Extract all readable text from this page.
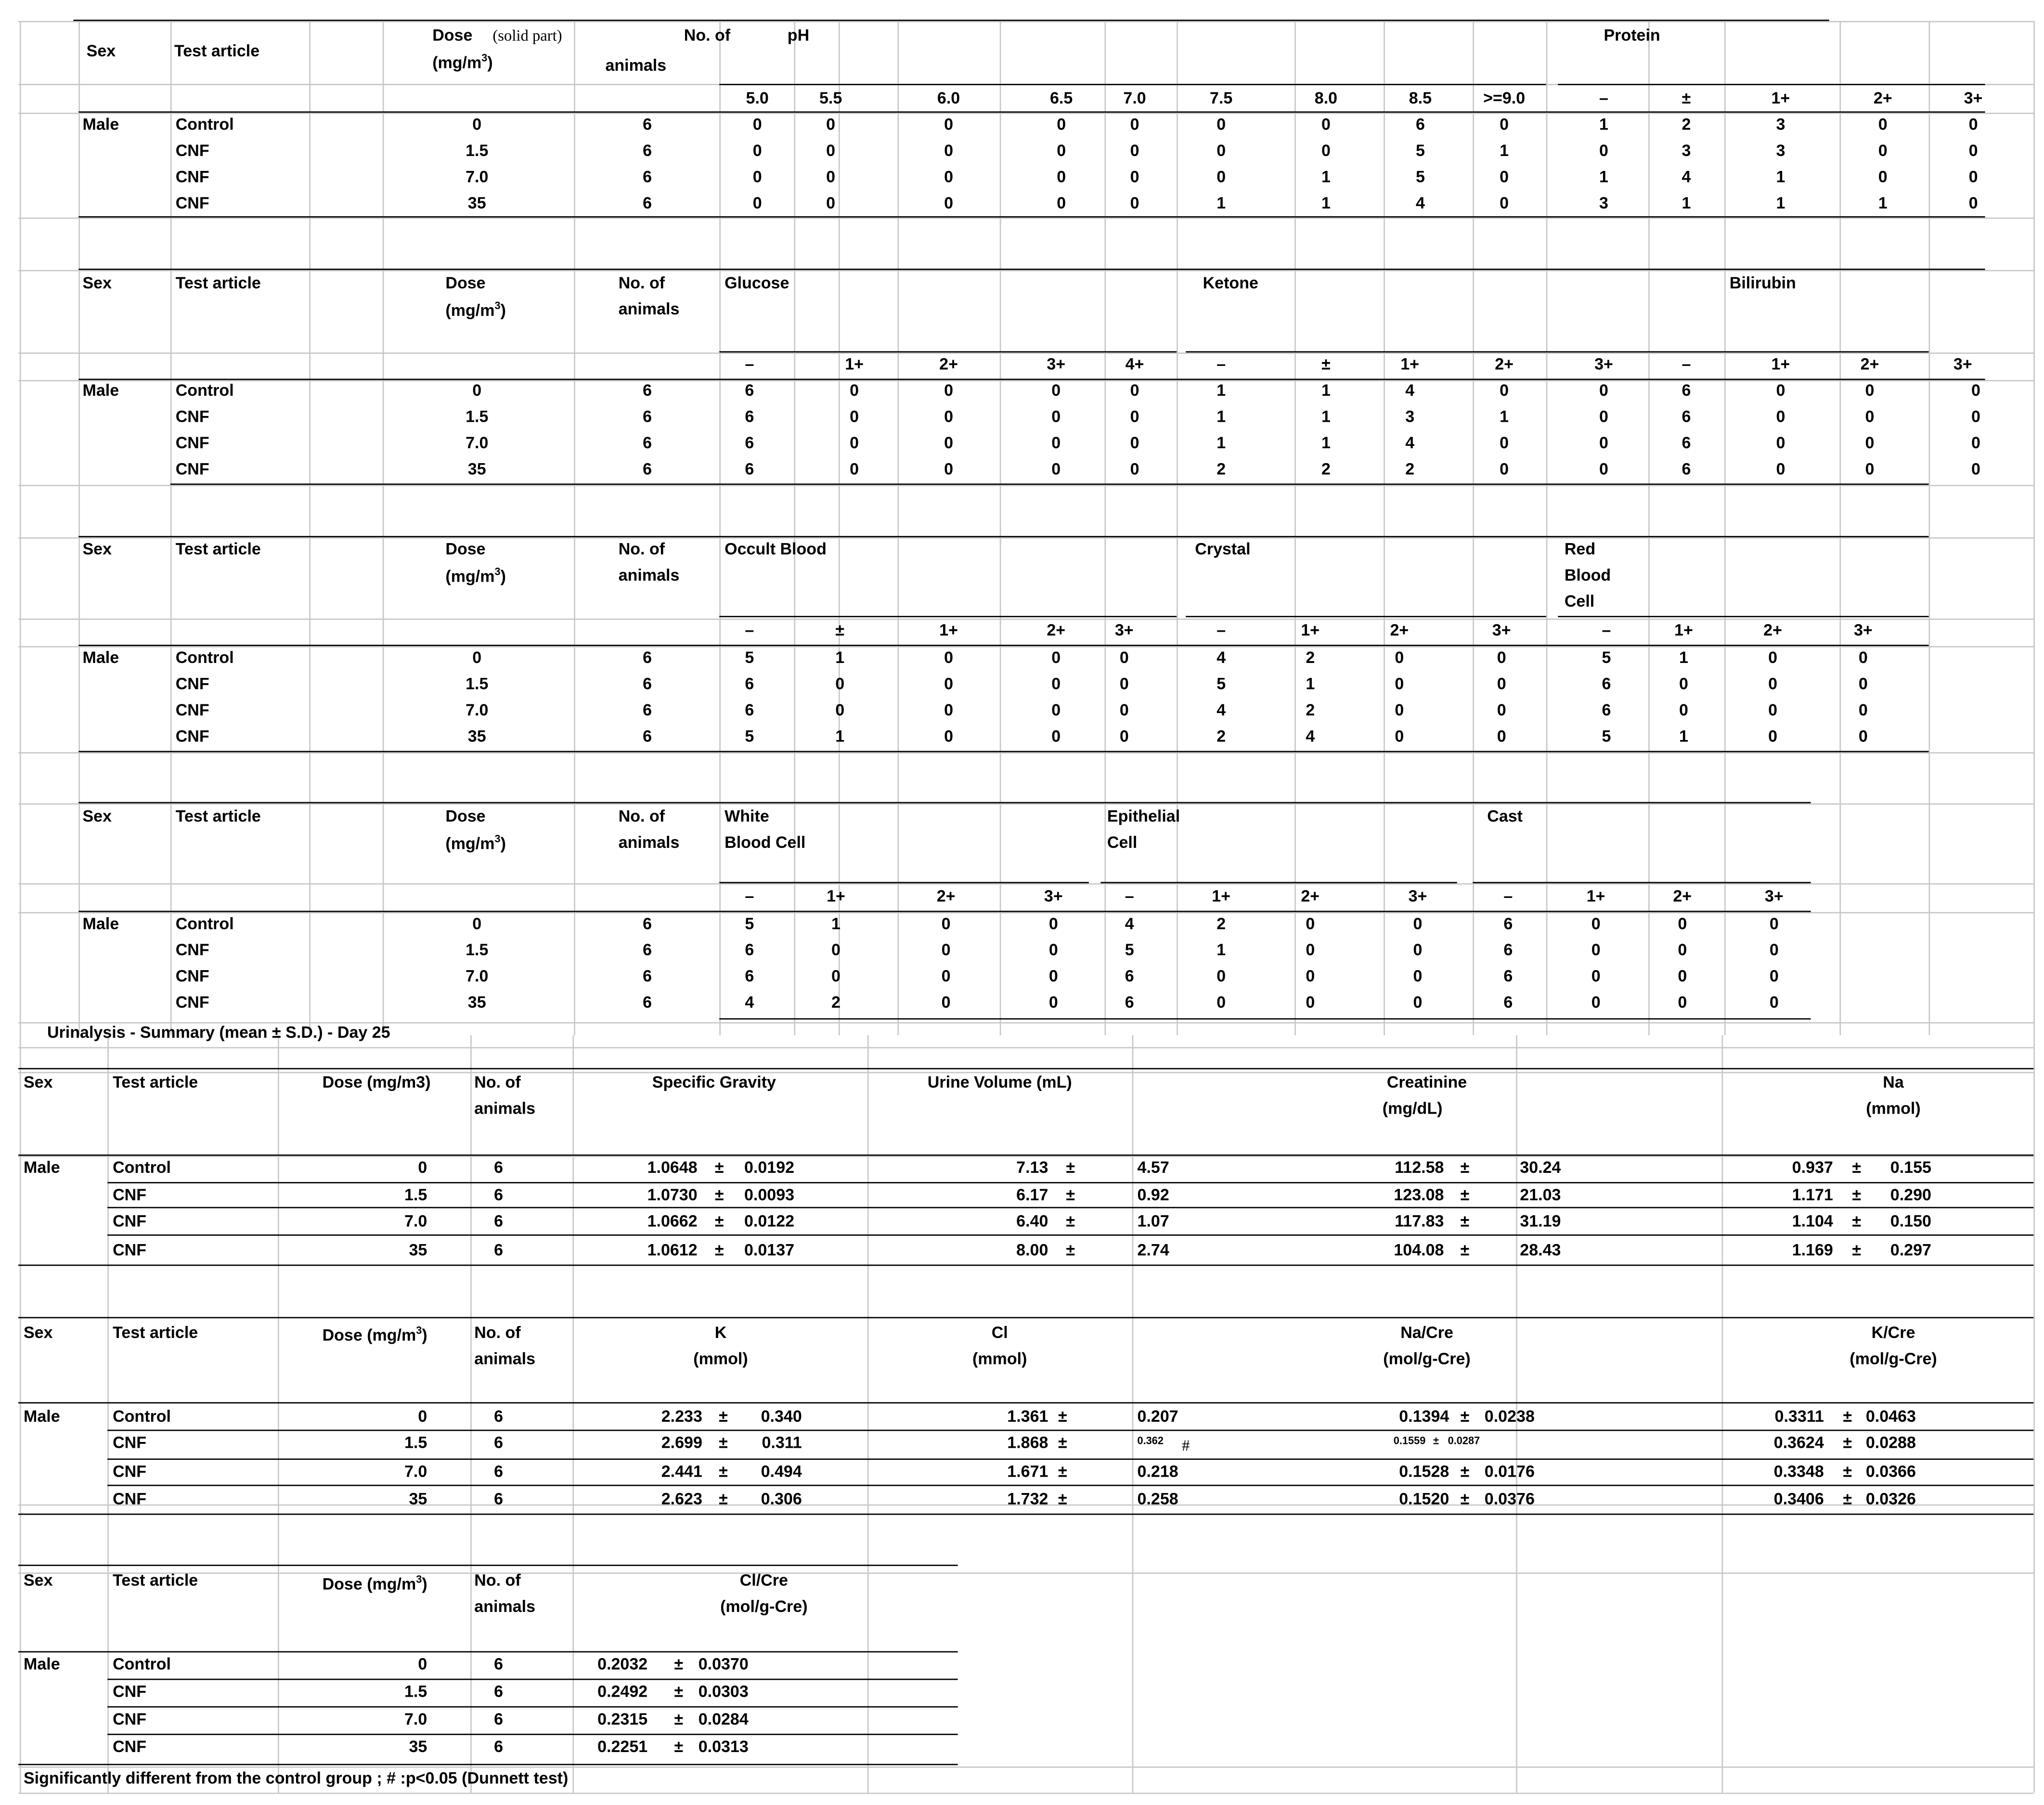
Sex	Test article
Dose	(solid part)
$(mg/m^3)$
No. of
animals
pH	Protein
5.0	5.5	6.0	6.5	7.0	7.5	8.0	8.5	>=9.0	–	±	1+	2+	3+
Male	Control	0	6	0	0	0	0	0	0	0	6	0	1	2	3	0	0
CNF	1.5	6	0	0	0	0	0	0	0	5	1	0	3	3	0	0
CNF	7.0	6	0	0	0	0	0	0	1	5	0	1	4	1	0	0
CNF	35	6	0	0	0	0	0	1	1	4	0	3	1	1	1	0
Sex	Test article	Dose
$(mg/m^3)$
No. of
animals
Glucose	Ketone	Bilirubin
–	1+	2+	3+	4+	–	±	1+	2+	3+	–	1+	2+	3+
Male	Control	0	6	6	0	0	0	0	1	1	4	0	0	6	0	0	0
CNF	1.5	6	6	0	0	0	0	1	1	3	1	0	6	0	0	0
CNF	7.0	6	6	0	0	0	0	1	1	4	0	0	6	0	0	0
CNF	35	6	6	0	0	0	0	2	2	2	0	0	6	0	0	0
Sex	Test article	Dose
$(mg/m^3)$
No. of
animals
Occult Blood	Crystal	Red
Blood
Cell
–	±	1+	2+	3+	–	1+	2+	3+	–	1+	2+	3+
Male	Control	0	6	5	1	0	0	0	4	2	0	0	5	1	0	0
CNF	1.5	6	6	0	0	0	0	5	1	0	0	6	0	0	0
CNF	7.0	6	6	0	0	0	0	4	2	0	0	6	0	0	0
CNF	35	6	5	1	0	0	0	2	4	0	0	5	1	0	0
Sex	Test article	Dose
$(mg/m^3)$
No. of
animals
White
Blood Cell
Epithelial
Cell
Cast
–	1+	2+	3+	–	1+	2+	3+	–	1+	2+	3+
Male	Control	0	6	5	1	0	0	4	2	0	0	6	0	0	0
CNF	1.5	6	6	0	0	0	5	1	0	0	6	0	0	0
CNF	7.0	6	6	0	0	0	6	0	0	0	6	0	0	0
CNF	35	6	4	2	0	0	6	0	0	0	6	0	0	0
Urinalysis - Summary (mean ± S.D.) - Day 25
Sex	Test article	Dose (mg/m3)	No. of
animals
Specific Gravity	Urine Volume (mL)	Creatinine
(mg/dL)
Na
(mmol)
Male	Control	0	6	1.0648	±	0.0192	7.13	±	4.57	112.58	±	30.24	0.937	±	0.155
CNF	1.5	6	1.0730	±	0.0093	6.17	±	0.92	123.08	±	21.03	1.171	±	0.290
CNF	7.0	6	1.0662	±	0.0122	6.40	±	1.07	117.83	±	31.19	1.104	±	0.150
CNF	35	6	1.0612	±	0.0137	8.00	±	2.74	104.08	±	28.43	1.169	±	0.297
Sex	Test article	Dose $(mg/m^3)$	No. of
animals
K
(mmol)
Cl
(mmol)
Na/Cre
(mol/g-Cre)
K/Cre
(mol/g-Cre)
Male	Control	0	6	2.233	±	0.340	1.361 ±	0.207	0.1394 ±	0.0238	0.3311	± 0.0463
CNF	1.5	6	2.699	±	0.311	1.868 ±	0.362	#	0.1559 ± 0.0287	0.3624	± 0.0288
CNF	7.0	6	2.441	±	0.494	1.671 ±	0.218	0.1528 ±	0.0176	0.3348	± 0.0366
CNF	35	6	2.623	±	0.306	1.732 ±	0.258	0.1520 ±	0.0376	0.3406	± 0.0326
Sex	Test article	Dose $(mg/m^3)$	No. of
animals
Cl/Cre
(mol/g-Cre)
Male	Control	0	6	0.2032	±	0.0370
CNF	1.5	6	0.2492	±	0.0303
CNF	7.0	6	0.2315	±	0.0284
CNF	35	6	0.2251	±	0.0313
Significantly different from the control group ; # :p<0.05 (Dunnett test)
